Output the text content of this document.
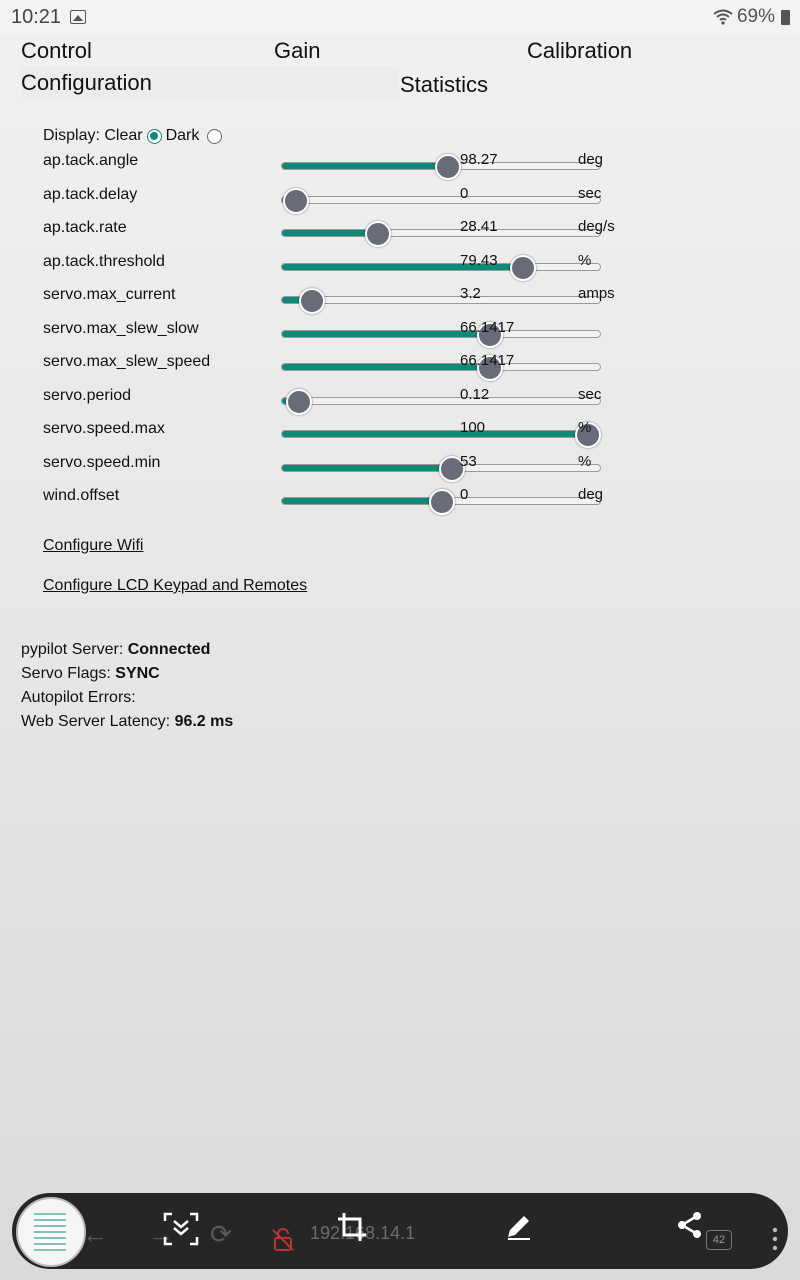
10:21	69%
Control	Gain	Calibration
Configuration	Statistics
Display:
Clear Dark
ap.tack.angle	98.27	deg
ap.tack.delay	0	sec
ap.tack.rate	28.41	deg/s
ap.tack.threshold	79.43	%
servo.max_current	3.2	amps
servo.max_slew_slow	66.1417
servo.max_slew_speed	66.1417
servo.period	0.12	sec
servo.speed.max	100	%
servo.speed.min	53	%
wind.offset	0	deg
Configure Wifi
Configure LCD Keypad and Remotes
pypilot Server: Connected
Servo Flags: SYNC
Autopilot Errors:
Web Server Latency: 96.2 ms
← → ⟳	192.168.14.1	42
